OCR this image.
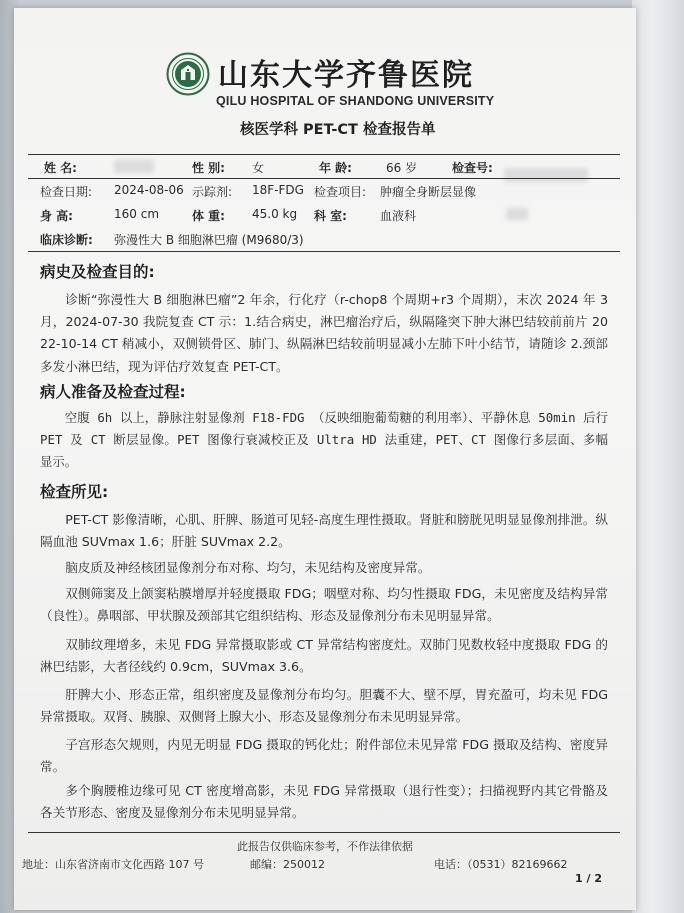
山东大学齐鲁医院
QILU HOSPITAL OF SHANDONG UNIVERSITY
核医学科 PET-CT 检查报告单
姓 名:	性 别: 女	年 龄:	66 岁	检查号:
检查日期: 2024-08-06 示踪剂: 18F-FDG 检查项目: 肿瘤全身断层显像
身 高:	160 cm	体 重: 45.0 kg 科 室:	血液科
临床诊断: 弥漫性大 B 细胞淋巴瘤 (M9680/3)
病史及检查目的:
诊断“弥漫性大 B 细胞淋巴瘤”2 年余，行化疗（r-chop8 个周期+r3 个周期），末次 2024 年 3 月，2024-07-30 我院复查 CT 示：1.结合病史，淋巴瘤治疗后，纵隔隆突下肿大淋巴结较前前片 2022-10-14 CT 稍减小，双侧锁骨区、肺门、纵隔淋巴结较前明显减小左肺下叶小结节，请随诊 2.颈部多发小淋巴结，现为评估疗效复查 PET-CT。
病人准备及检查过程:
空腹 6h 以上，静脉注射显像剂 F18-FDG （反映细胞葡萄糖的利用率）、平静休息 50min 后行 PET 及 CT 断层显像。PET 图像行衰减校正及 Ultra HD 法重建，PET、CT 图像行多层面、多幅显示。
检查所见:
PET-CT 影像清晰，心肌、肝脾、肠道可见轻-高度生理性摄取。肾脏和膀胱见明显显像剂排泄。纵隔血池 SUVmax 1.6；肝脏 SUVmax 2.2。
脑皮质及神经核团显像剂分布对称、均匀，未见结构及密度异常。
双侧筛窦及上颌窦粘膜增厚并轻度摄取 FDG；咽壁对称、均匀性摄取 FDG，未见密度及结构异常（良性）。鼻咽部、甲状腺及颈部其它组织结构、形态及显像剂分布未见明显异常。
双肺纹理增多，未见 FDG 异常摄取影或 CT 异常结构密度灶。双肺门见数枚轻中度摄取 FDG 的淋巴结影，大者径线约 0.9cm，SUVmax 3.6。
肝脾大小、形态正常，组织密度及显像剂分布均匀。胆囊不大、壁不厚，胃充盈可，均未见 FDG 异常摄取。双肾、胰腺、双侧肾上腺大小、形态及显像剂分布未见明显异常。
子宫形态欠规则，内见无明显 FDG 摄取的钙化灶；附件部位未见异常 FDG 摄取及结构、密度异常。
多个胸腰椎边缘可见 CT 密度增高影，未见 FDG 异常摄取（退行性变）；扫描视野内其它骨骼及各关节形态、密度及显像剂分布未见明显异常。
此报告仅供临床参考，不作法律依据
地址：山东省济南市文化西路 107 号	邮编：250012	电话：（0531）82169662
1 / 2
